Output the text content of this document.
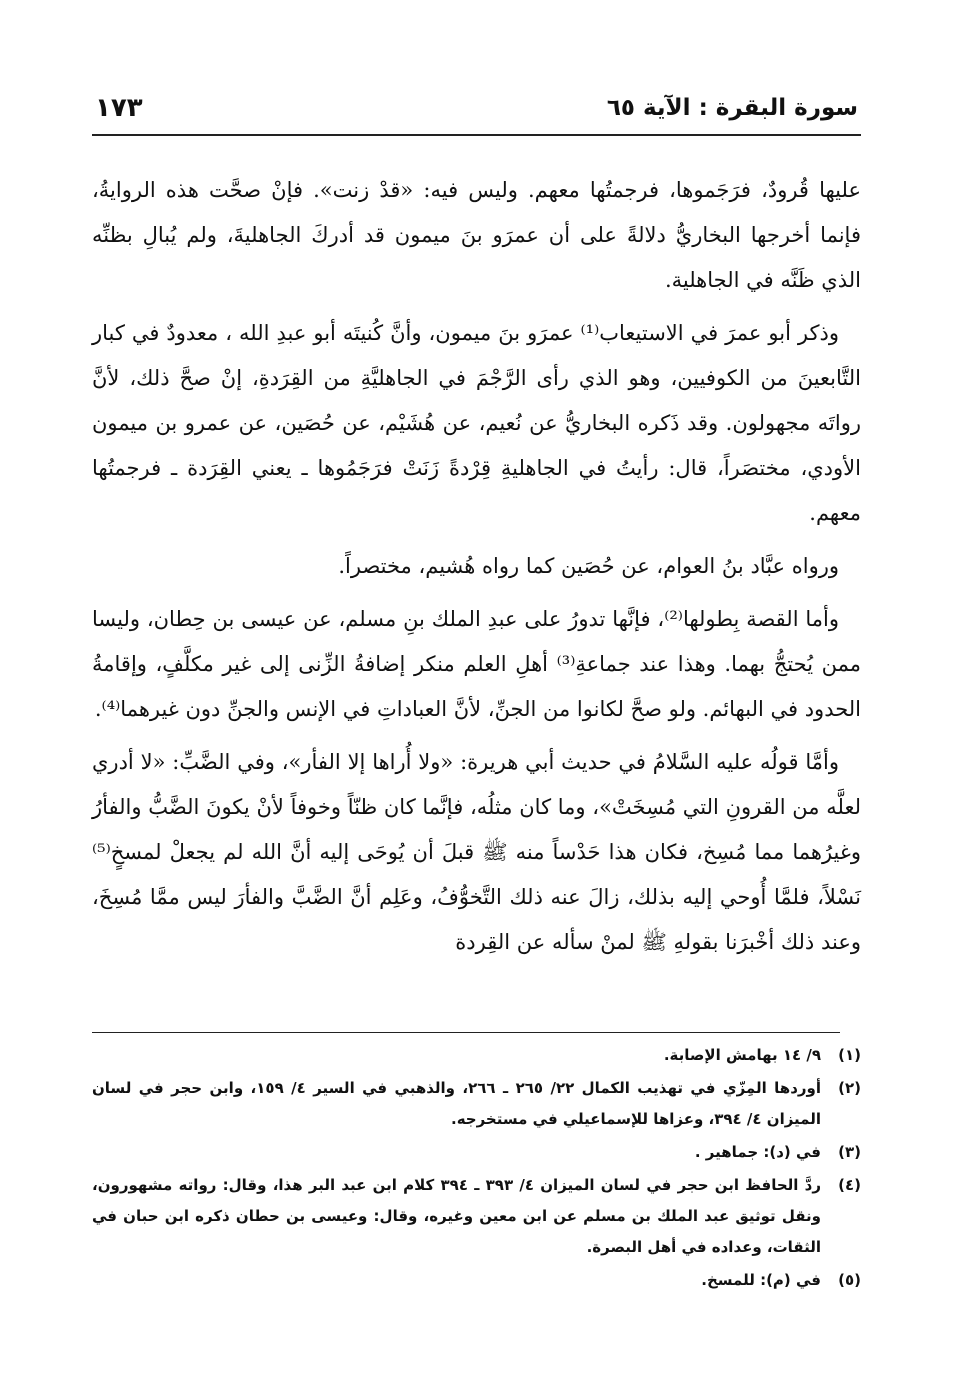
سورة البقرة : الآية ٦٥
١٧٣

عليها قُرودٌ، فرَجَموها، فرجمتُها معهم. وليس فيه: «قدْ زنت». فإنْ صحَّت هذه الروايةُ، فإنما أخرجها البخاريُّ دلالةً على أن عمرَو بنَ ميمون قد أدركَ الجاهليةَ، ولم يُبالِ بظنِّه الذي ظَنَّه في الجاهلية.

وذكر أبو عمرَ في الاستيعاب⁽¹⁾ عمرَو بنَ ميمون، وأنَّ كُنيتَه أبو عبدِ الله ، معدودٌ في كبار التَّابعينَ من الكوفيين، وهو الذي رأى الرَّجْمَ في الجاهليَّةِ من القِرَدةِ، إنْ صحَّ ذلك، لأنَّ رواتَه مجهولون. وقد ذَكره البخاريُّ عن نُعيم، عن هُشَيْم، عن حُصَين، عن عمرو بن ميمون الأودي، مختصَراً، قال: رأيتُ في الجاهليةِ قِرْدةً زَنَتْ فرَجَمُوها ـ يعني القِرَدة ـ فرجمتُها معهم.

ورواه عبَّاد بنُ العوام، عن حُصَين كما رواه هُشيم، مختصراً.

وأما القصة بِطولها⁽²⁾، فإنَّها تدورُ على عبدِ الملك بنِ مسلم، عن عيسى بن حِطان، وليسا ممن يُحتجُّ بهما. وهذا عند جماعةِ⁽³⁾ أهلِ العلم منكر إضافةُ الزِّنى إلى غير مكلَّفٍ، وإقامةُ الحدود في البهائم. ولو صحَّ لكانوا من الجنِّ، لأنَّ العباداتِ في الإنس والجنِّ دون غيرهما⁽⁴⁾.

وأمَّا قولُه عليه السَّلامُ في حديث أبي هريرة: «ولا أُراها إلا الفأر»، وفي الضَّبِّ: «لا أدري لعلَّه من القرونِ التي مُسِخَتْ»، وما كان مثلُه، فإنَّما كان ظنّاً وخوفاً لأنْ يكونَ الضَّبُّ والفأرُ وغيرُهما مما مُسِخ، فكان هذا حَدْساً منه ﷺ قبلَ أن يُوحَى إليه أنَّ الله لم يجعلْ لمسخٍ⁽⁵⁾ نَسْلاً، فلمَّا أُوحي إليه بذلك، زالَ عنه ذلك التَّخوُّفُ، وعَلِم أنَّ الضَّبَّ والفأرَ ليس ممَّا مُسِخَ، وعند ذلك أخْبرَنا بقولهِ ﷺ لمنْ سأله عن القِردة

(١)
٩/ ١٤ بهامش الإصابة.
(٢)
أوردها المِزّي في تهذيب الكمال ٢٢/ ٢٦٥ ـ ٢٦٦، والذهبي في السير ٤/ ١٥٩، وابن حجر في لسان الميزان ٤/ ٣٩٤، وعزاها للإسماعيلي في مستخرجه.
(٣)
في (د): جماهير .
(٤)
ردَّ الحافظ ابن حجر في لسان الميزان ٤/ ٣٩٣ ـ ٣٩٤ كلام ابن عبد البر هذا، وقال: رواته مشهورون، ونقل توثيق عبد الملك بن مسلم عن ابن معين وغيره، وقال: وعيسى بن حطان ذكره ابن حبان في الثقات، وعداده في أهل البصرة.
(٥)
في (م): للمسخ.
